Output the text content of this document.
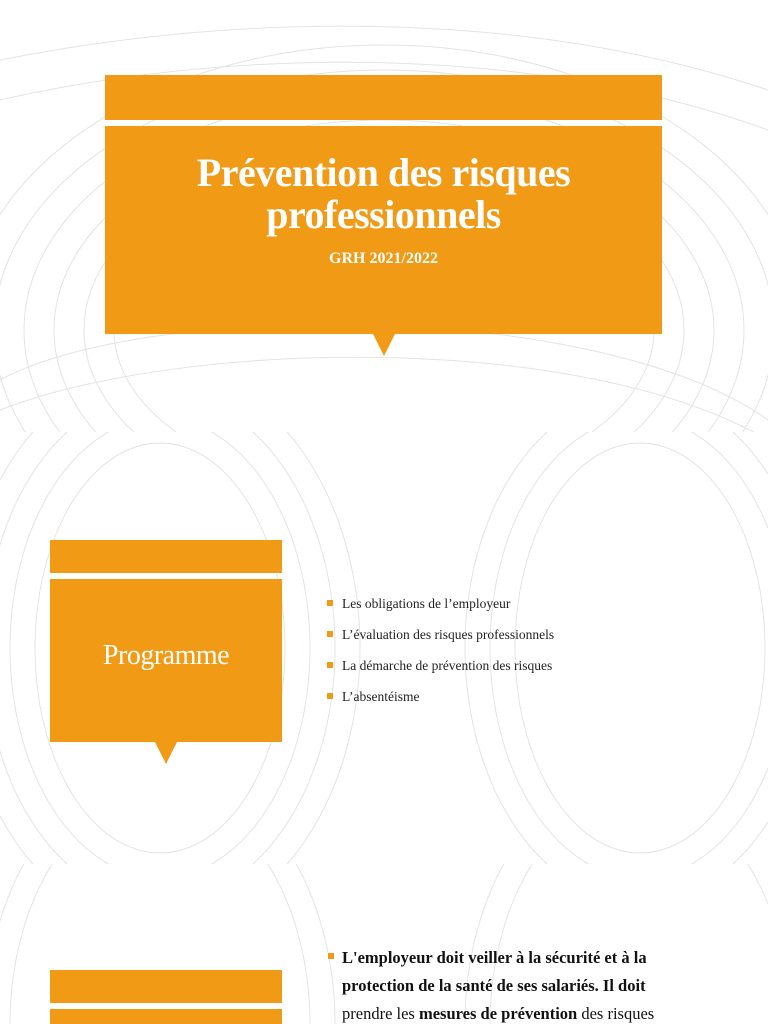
Prévention des risques
professionnels
GRH 2021/2022
Programme
Les obligations de l’employeur
L’évaluation des risques professionnels
La démarche de prévention des risques
L’absentéisme
L'employeur doit veiller à la sécurité et à la
protection de la santé de ses salariés. Il doit
prendre les mesures de prévention des risques
